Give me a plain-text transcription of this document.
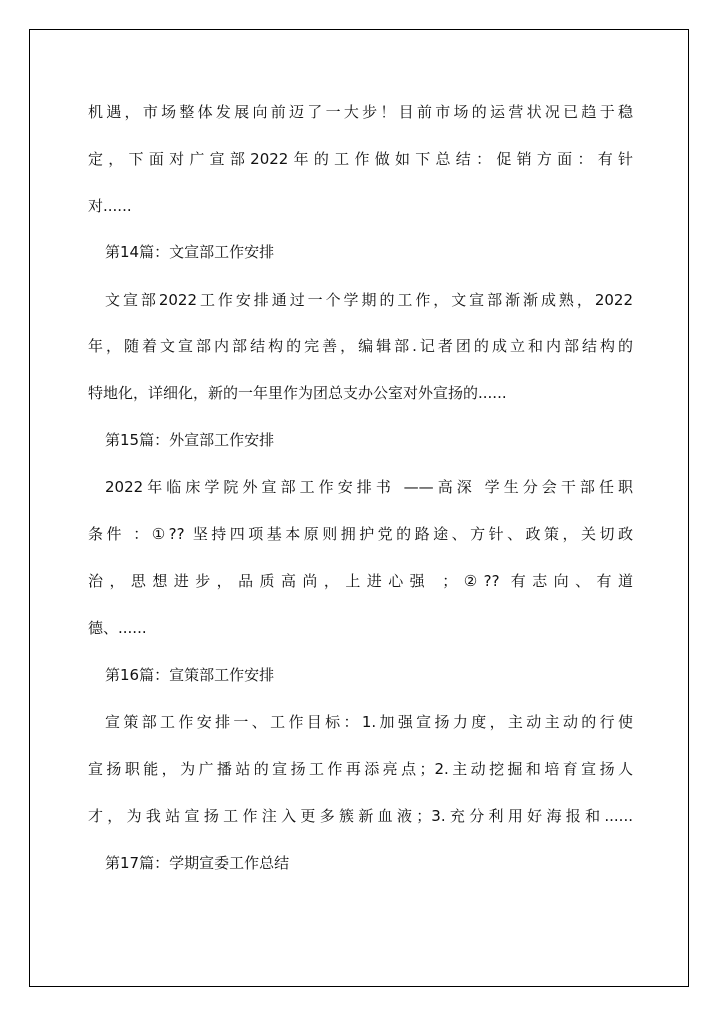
机遇，市场整体发展向前迈了一大步！目前市场的运营状况已趋于稳
定，下面对广宣部2022年的工作做如下总结：促销方面：有针
对......
第14篇：文宣部工作安排
文宣部2022工作安排通过一个学期的工作，文宣部渐渐成熟，2022
年，随着文宣部内部结构的完善，编辑部.记者团的成立和内部结构的
特地化，详细化，新的一年里作为团总支办公室对外宣扬的......
第15篇：外宣部工作安排
2022年临床学院外宣部工作安排书 ——高深 学生分会干部任职
条件 ：①?? 坚持四项基本原则拥护党的路途、方针、政策，关切政
治，思想进步，品质高尚，上进心强 ；②?? 有志向、有道
德、......
第16篇：宣策部工作安排
宣策部工作安排一、工作目标：1.加强宣扬力度，主动主动的行使
宣扬职能，为广播站的宣扬工作再添亮点；2.主动挖掘和培育宣扬人
才，为我站宣扬工作注入更多簇新血液；3.充分利用好海报和......
第17篇：学期宣委工作总结
